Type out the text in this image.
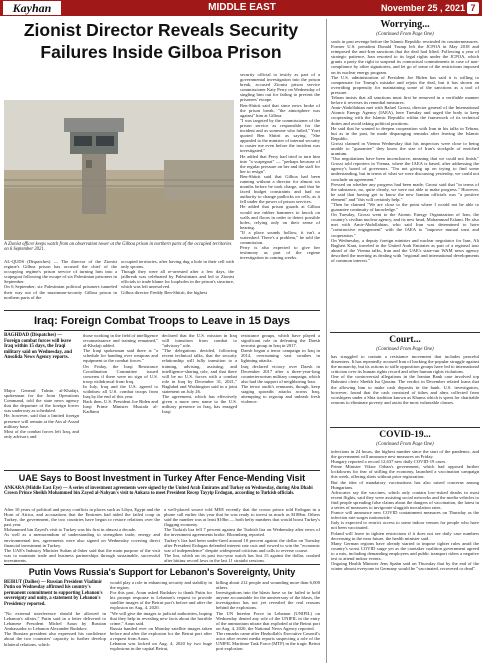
Kayhan	MIDDLE EAST	November 25 , 2021 7
Zionist Director Reveals Security Failures Inside Gilboa Prison
A Zionist officer keeps watch from an observation tower at the Gilboa prison in northern parts of the occupied territories on 6 September 2021.
AL-QUDS (Dispatches) — The director of the Zionist regime's Gilboa prison has accused the chief of the occupying regime's prison service of turning him into a scapegoat following the escape of six Palestinian prisoners in September.
On 6 September, six Palestinian political prisoners tunneled their way out of the maximum-security Gilboa prison in northern parts of the
occupied territories, after having dug a hole in their cell with only spoons.
Though they were all re-arrested after a few days, the jailbreak was celebrated by Palestinians and led to Zionist officials to trade blame for loopholes in the prison's structure, which was left unresolved.
Gilboa director Freddy Ben-Shitrit, the highest
security official to testify as part of a governmental investigation into the prison break, accused Zionist prison service commissioner Katy Perry on Wednesday of singling him out for failing to prevent the prisoners' escape.
Ben-Shitrit said that since news broke of the prison break, "the atmosphere was against" him at Gilboa.
"I was targeted by the commissioner of the prison service as responsible for the incident and as someone who failed," Ynet quoted Ben Shitrit as saying. "She appealed to the minister of internal security to ouster me even before the incident was investigated."
He added that Perry had tried to turn him into "a scapegoat" — "perhaps because of the regular pressure on her and the staff for her to resign".
Ben-Shitrit said that Gilboa had been running without a director for almost six months before he took charge, and that he faced budget constraints and had no authority to change padlocks on cells, as it fell under the power of prison services.
He added that prison guards at Gilboa would use rubber hammers to knock on walls and floors in order to detect possible holes, relying only on their sense of hearing.
"If a place sounds hollow, it isn't a watershed. There's a problem," he told the commission.
Perry is also expected to give her testimony as part of the regime investigation in coming weeks.
Iraq: Foreign Combat Troops to Leave in 15 Days
BAGHDAD (Dispatches) — Foreign combat forces will leave Iraq within 15 days, the Iraqi military said on Wednesday, and Ansolida News Agency reports.
Major General Tahsin al-Khafaji, spokesman for the Joint Operations Command, told the state news agency that the departure of the foreign forces was underway as scheduled.
He, however, said that a limited foreign presence will remain at the Ain al-Assad military base.
Most of the combat forces left Iraq, and only advisors and
those working in the field of intelligence reconnaissance and training remained," al-Khafaji added.
The Iraqi spokesman said there is "a schedule for handing over weapons and equipment to the combat forces."
On Friday, the Iraqi Resistance Coordination Committee issued concerns if there were no sign of U.S. troop withdrawal from Iraq.
In July, Iraq and the U.S. agreed to withdraw all U.S. combat troops from Iraq by the end of this year.
Back then, U.S. President Joe Biden and Iraqi Prime Minister Mustafa al-Kadhimi
declared that the U.S. mission in Iraq will transition from combat to "advisory" role.
"The delegations decided, following recent technical talks, that the security relationship will fully transition to a training, advising, assisting, and intelligence-sharing role, and that there will be no U.S. forces with a combat role in Iraq by December 31, 2021," Baghdad and Washington said in a joint statement on July 26.
The agreement, which has effectively given a more new name to the U.S. military presence in Iraq, has enraged Iraqi
resistance groups, which have played a significant role in defeating the Daesh terrorist group in Iraq in 2017.
Daesh began a terror campaign in Iraq in 2014, overrunning vast swathes in lightning attacks.
Iraq declared victory over Daesh in December 2017 after a three-year-long counterterrorism military campaign, which also had the support of neighboring Iran.
The terror outfit's remnants, though, keep staging sporadic attacks across Iraq, attempting to regroup and unleash fresh violence.
UAE Says to Boost Investment in Turkey After Fence-Mending Visit
ANKARA (Middle East Eye) — A series of investment agreements were signed by the United Arab Emirates and Turkey on Wednesday, during Abu Dhabi Crown Prince Sheikh Mohammed bin Zayed al-Nahyan's visit to Ankara to meet President Recep Tayyip Erdogan, according to Turkish officials.
After 10 years of political and proxy conflicts in places such as Libya, Egypt and the Horn of Africa, and accusations that the Emirates had aided the failed coup in Turkey, the government, the two countries have begun to restore relations over the past year.
Mohammed bin Zayed's visit to Turkey was his first in almost a decade.
As well as a memorandum of understanding to strengthen trade, energy and environmental ties, agreements were also signed on Wednesday covering direct financial investment in Turkey.
The UAE's Industry Minister Sultan al-Jaber said that the main purpose of the visit was to maintain trade and business partnerships through sustainable, successful investments.
a well-placed source told MEE recently that the crown prince told Erdogan in a phone call earlier this year that he was ready to invest as much as $100bn. Others said the number was at least $10bn — both hefty numbers that would boost Turkey's flagging economy.
The Turkish lira fell 7 percent against the Turkish lira on Wednesday after news of the investment agreements broke. Bloomberg reported.
Turkey's lira had been under-fired around 10 percent against the dollar on Tuesday after President Erdogan defended interest rate cuts and vowed to win the "economic war of independence" despite widespread criticism and calls to reverse course.
The lira, which on its past two-year watch has lost 15 against the dollar, crashed after hitting record lows in the last 11 straight sessions.

Putin Vows Russia's Support for Lebanon's Sovereignty, Unity
BEIRUT (Dailies) — Russian President Vladimir Putin on Wednesday affirmed his country's permanent commitment to supporting Lebanon's sovereignty and unity, a statement by Lebanon's Presidency reported.
"No external interference should be allowed in Lebanon's affairs," Putin said in a letter delivered to Lebanese President Michel Aoun by Russian Ambassador to Lebanon Alexander Rudakov.
The Russian president also expressed his confidence about the two countries' capacity to further develop bilateral relations, which
would play a role in enhancing security and stability in the region.
For this part, Aoun asked Rudakov to thank Putin for his prompt response to Lebanon's request to provide satellite images of the Beirut port's before and after the explosion on Aug. 4, 2020.
"We will give the images to judicial authorities, hoping that they help in revealing new facts about the horrible crime," Aoun said.
Russia handed over on Monday satellite images taken before and after the explosion for the Beirut port after a request from Aoun.
Lebanon was locked on Aug. 4, 2020 by two huge explosions in the capital Beirut,
killing about 212 people and wounding more than 6,000 others.
Investigations into the blasts have so far failed to hold anyone accountable for the anniversary of the blasts, the investigation has not yet revealed the real reasons behind the explosions.
The UN Interim Force in Lebanon (UNIFIL) on Wednesday denied any role of the UNIFIL in the entry of the ammonium nitrate that exploded at the Beirut port on Aug. 4, 2020, the National News Agency reported.
The remarks came after Hezbollah's Executive Council's actor after recent media reports suspecting a role of the UNIFIL Maritime Task Force (MTF) in the tragic Beirut port explosion.
Worrying...
(Continued From Page One)
souls in past revenge before the Islamic Republic rescinded its countermeasures.
Former U.S. president Donald Trump left the JCPOA in May 2018 and reimposed the anti-Iran sanctions that the deal had lifted. Following a year of strategic patience, Iran resorted to its legal rights under the JCPOA, which grants a party the right to suspend its contractual commitments in case of non-compliance by other signatories, and let go of some of the restrictions imposed on its nuclear energy program.
The U.S. administration of President Joe Biden has said it is willing to compensate for Trump's mistake and rejoin the deal, but it has shown an overriding propensity for maintaining some of the sanctions as a tool of pressure.
Tehran insists that all sanctions must first be removed in a verifiable manner before it reverses its remedial measures.
Amir-Abdollahian met with Rafael Grossi, director general of the International Atomic Energy Agency (IAEA), here Tuesday and urged the body to keep cooperating with the Islamic Republic within the framework of its technical duties and avoid taking political positions.
He said that he wanted to deepen cooperation with Iran in his talks in Tehran, but as in the past, he made disparaging remarks after leaving the Islamic Republic.
Grossi claimed in Vienna Wednesday that his inspectors were close to being unable to "guarantee" they know the size of Iran's stockpile of enriched uranium.
"Our negotiations have been inconclusive, meaning that we could not finish," Grossi told reporters in Vienna, where the IAEA is based, after addressing the agency's board of governors. "I'm not giving up on trying to find some understanding, but in terms of what we were discussing yesterday, we could not conclude an agreement."
Pressed on whether any progress had been made, Grossi said that "in terms of the substance, no, quite clearly, we were not able to make progress." However, he said that having got to know the new Iranian officials was "a positive element" and "this will certainly help."
"Then he claimed "We are close to the point where I would not be able to guarantee continuity of knowledge."
On Tuesday, Grossi went to the Atomic Energy Organization of Iran, the country's civilian nuclear agency, and its new head, Mohammad Eslami. He also met with Amir-Abdollahian, who said Iran was determined to have "constructive engagement" with the IAEA to "improve mutual trust and cooperation."
On Wednesday, a deputy foreign minister and nuclear negotiator for Iran, Ali Bagheri Kani, traveled to the United Arab Emirates as part of a regional tour ahead of the Vienna talks, Iran and the UAE's state-run WAM news agency described the meeting as dealing with "regional and international developments of common interest."
Court...
(Continued From Page One)
has struggled to contain a resistance movement that includes peaceful dissenters. It has repeatedly accused Iran of backing the popular struggle against the monarchy, but its actions to stifle opposition groups have led to international criticism over its human rights record and other human rights violations.
One of the controversial allegations in the Iranian Bank case involved top Bahraini cleric Sheikh Isa Qassim. The verdict in December related loans that the allowing him to make cash deposits in the bank. U.S. investigators, however, found that the cash consisted of tithes and alms collected from worshipers under a Shia tradition known as Khums which is spent for charitable reasons to eliminate poverty and assist the most vulnerable classes.
COVID-19...
(Continued From Page One)
infections in 24 hours, the highest number since the start of the pandemic, and the government will announce new measures on Friday.
Hungary reported a record 12,637 new daily COVID-19 cases.
Prime Minister Viktor Orban's government, which had opposed further lockdowns for fear of stifling the economy, launched a vaccination campaign this week, offering shots without prior registration.
But the idea of mandatory vaccinations has also raised concerns among Hungarians.
Advocates say the vaccines, which only contain low-risked deaths in most recent flights, said they were assisting social networks and the media vehicles to find people spreading false claims about the dangers of vaccination, the latest in a series of measures to invigorate sluggish inoculation rates.
France will announce new COVID containment measures on Thursday as the infection rate surges nationwide.
Italy is expected to restrict access to some indoor venues for people who have not been vaccinated.
Poland will leave in tighten restrictions if it does not see daily case numbers decreasing in the near future, the health minister said.
Many German regions have already started to impose tighter rules amid the country's worst COVID surge yet as the caretaker coalition government agreed to a mix, including demanding employees and public transport riders a negative test to attend indoor events.
Ongoing Health Minister Jens Spahn said on Thursday that by the end of the winter almost everyone in Germany would be "vaccinated, recovered or dead".
